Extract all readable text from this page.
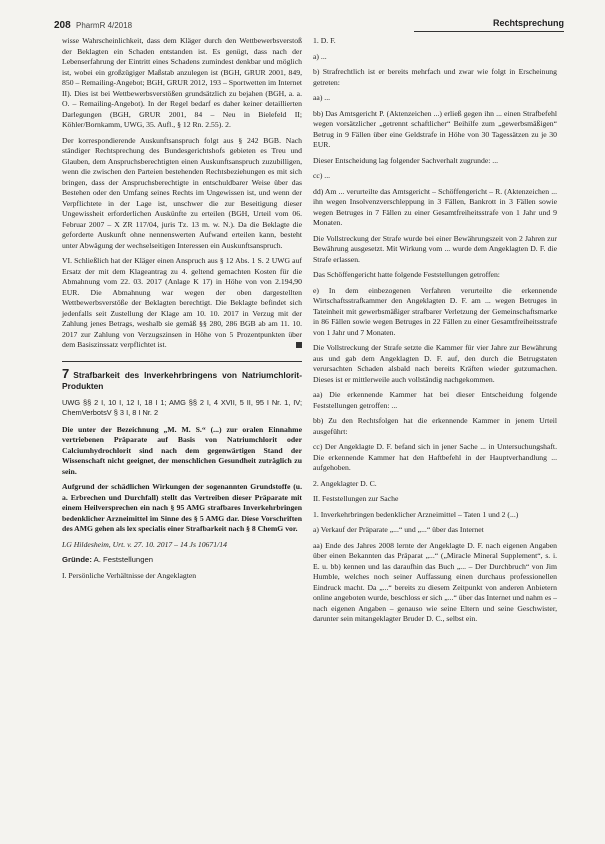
208 PharmR 4/2018	Rechtsprechung

wisse Wahrscheinlichkeit, dass dem Kläger durch den Wettbewerbsverstoß der Beklagten ein Schaden entstanden ist. Es genügt, dass nach der Lebenserfahrung der Eintritt eines Schadens zumindest denkbar und möglich ist, wobei ein großzügiger Maßstab anzulegen ist (BGH, GRUR 2001, 849, 850 – Remailing-Angebot; BGH, GRUR 2012, 193 – Sportwetten im Internet II). Dies ist bei Wettbewerbsverstößen grundsätzlich zu bejahen (BGH, a. a. O. – Remailing-Angebot). In der Regel bedarf es daher keiner detaillierten Darlegungen (BGH, GRUR 2001, 84 – Neu in Bielefeld II; Köhler/Bornkamm, UWG, 35. Aufl., § 12 Rn. 2.55). 2.

Der korrespondierende Auskunftsanspruch folgt aus § 242 BGB. Nach ständiger Rechtsprechung des Bundesgerichtshofs gebieten es Treu und Glauben, dem Anspruchsberechtigten einen Auskunftsanspruch zuzubilligen, wenn die zwischen den Parteien bestehenden Rechtsbeziehungen es mit sich bringen, dass der Anspruchsberechtigte in entschuldbarer Weise über das Bestehen oder den Umfang seines Rechts im Ungewissen ist, und wenn der Verpflichtete in der Lage ist, unschwer die zur Beseitigung dieser Ungewissheit erforderlichen Auskünfte zu erteilen (BGH, Urteil vom 06. Februar 2007 – X ZR 117/04, juris Tz. 13 m. w. N.). Da die Beklagte die geforderte Auskunft ohne nennenswerten Aufwand erteilen kann, besteht unter Abwägung der wechselseitigen Interessen ein Auskunftsanspruch.

VI. Schließlich hat der Kläger einen Anspruch aus § 12 Abs. 1 S. 2 UWG auf Ersatz der mit dem Klageantrag zu 4. geltend gemachten Kosten für die Abmahnung vom 22. 03. 2017 (Anlage K 17) in Höhe von von 2.194,90 EUR. Die Abmahnung war wegen der oben dargestellten Wettbewerbsverstöße der Beklagten berechtigt. Die Beklagte befindet sich jedenfalls seit Zustellung der Klage am 10. 10. 2017 in Verzug mit der Zahlung jenes Betrags, weshalb sie gemäß §§ 280, 286 BGB ab am 11. 10. 2017 zur Zahlung von Verzugszinsen in Höhe von 5 Prozentpunkten über dem Basiszinssatz verpflichtet ist.

7 Strafbarkeit des Inverkehrbringens von Natriumchlorit-Produkten
UWG §§ 2 I, 10 I, 12 I, 18 I 1; AMG §§ 2 I, 4 XVII, 5 II, 95 I Nr. 1, IV; ChemVerbotsV § 3 I, 8 I Nr. 2

Die unter der Bezeichnung „M. M. S.“ (...) zur oralen Einnahme vertriebenen Präparate auf Basis von Natriumchlorit oder Calciumhydrochlorit sind nach dem gegenwärtigen Stand der Wissenschaft nicht geeignet, der menschlichen Gesundheit zuträglich zu sein.

Aufgrund der schädlichen Wirkungen der sogenannten Grundstoffe (u. a. Erbrechen und Durchfall) stellt das Vertreiben dieser Präparate mit einem Heilversprechen ein nach § 95 AMG strafbares Inverkehrbringen bedenklicher Arzneimittel im Sinne des § 5 AMG dar. Diese Vorschriften des AMG gehen als lex specialis einer Strafbarkeit nach § 8 ChemG vor.

LG Hildesheim, Urt. v. 27. 10. 2017 – 14 Js 10671/14

Gründe: A. Feststellungen

I. Persönliche Verhältnisse der Angeklagten

1. D. F.

a) ...

b) Strafrechtlich ist er bereits mehrfach und zwar wie folgt in Erscheinung getreten:

aa) ...

bb) Das Amtsgericht P. (Aktenzeichen ...) erließ gegen ihn ... einen Strafbefehl wegen vorsätzlicher „getrennt schaftlicher“ Beihilfe zum „gewerbsmäßigen“ Betrug in 9 Fällen über eine Geldstrafe in Höhe von 30 Tagessätzen zu je 30 EUR.

Dieser Entscheidung lag folgender Sachverhalt zugrunde: ...

cc) ...

dd) Am ... verurteilte das Amtsgericht – Schöffengericht – R. (Aktenzeichen ... ihn wegen Insolvenzverschleppung in 3 Fällen, Bankrott in 3 Fällen sowie wegen Betruges in 7 Fällen zu einer Gesamtfreiheitsstrafe von 1 Jahr und 9 Monaten.

Die Vollstreckung der Strafe wurde bei einer Bewährungszeit von 2 Jahren zur Bewährung ausgesetzt. Mit Wirkung vom ... wurde dem Angeklagten D. F. die Strafe erlassen.

Das Schöffengericht hatte folgende Feststellungen getroffen:

e) In dem einbezogenen Verfahren verurteilte die erkennende Wirtschaftsstrafkammer den Angeklagten D. F. am ... wegen Betruges in Tateinheit mit gewerbsmäßiger strafbarer Verletzung der Gemeinschaftsmarke in 86 Fällen sowie wegen Betruges in 22 Fällen zu einer Gesamtfreiheitsstrafe von 1 Jahr und 7 Monaten.

Die Vollstreckung der Strafe setzte die Kammer für vier Jahre zur Bewährung aus und gab dem Angeklagten D. F. auf, den durch die Betrugstaten verursachten Schaden alsbald nach bereits Kräften wieder gutzumachen. Dieses ist er mittlerweile auch vollständig nachgekommen.

aa) Die erkennende Kammer hat bei dieser Entscheidung folgende Feststellungen getroffen: ...

bb) Zu den Rechtsfolgen hat die erkennende Kammer in jenem Urteil ausgeführt:

cc) Der Angeklagte D. F. befand sich in jener Sache ... in Untersuchungshaft. Die erkennende Kammer hat den Haftbefehl in der Hauptverhandlung ... aufgehoben.

2. Angeklagter D. C.

II. Feststellungen zur Sache

1. Inverkehrbringen bedenklicher Arzneimittel – Taten 1 und 2 (...)

a) Verkauf der Präparate „...“ und „...“ über das Internet

aa) Ende des Jahres 2008 lernte der Angeklagte D. F. nach eigenen Angaben über einen Bekannten das Präparat „...“ („Miracle Mineral Supplement“, s. i. E. u. bb) kennen und las daraufhin das Buch „... – Der Durchbruch“ von Jim Humble, welches noch seiner Auffassung einen durchaus professionellen Eindruck macht. Da „...“ bereits zu diesem Zeitpunkt von anderen Anbietern online angeboten wurde, beschloss er sich „...“ über das Internet und nahm es – nach eigenen Angaben – genauso wie seine Eltern und seine Geschwister, darunter sein mitangeklagter Bruder D. C., selbst ein.
